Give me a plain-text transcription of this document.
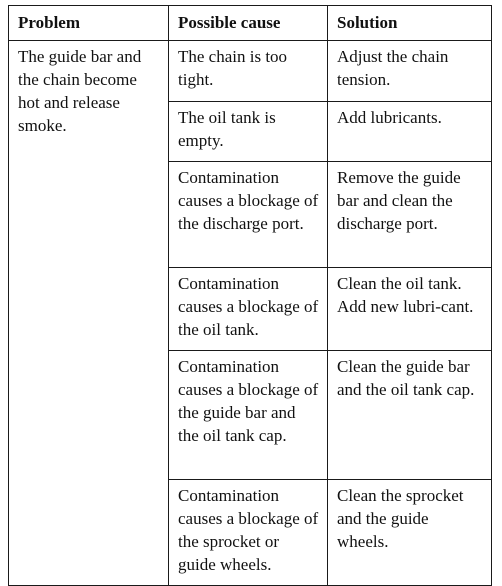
Problem	Possible cause	Solution
The guide bar and the chain become hot and release smoke.	The chain is too tight.	Adjust the chain tension.
	The oil tank is empty.	Add lubricants.
	Contamination causes a blockage of the discharge port.	Remove the guide bar and clean the discharge port.
	Contamination causes a blockage of the oil tank.	Clean the oil tank. Add new lubri-cant.
	Contamination causes a blockage of the guide bar and the oil tank cap.	Clean the guide bar and the oil tank cap.
	Contamination causes a blockage of the sprocket or guide wheels.	Clean the sprocket and the guide wheels.
